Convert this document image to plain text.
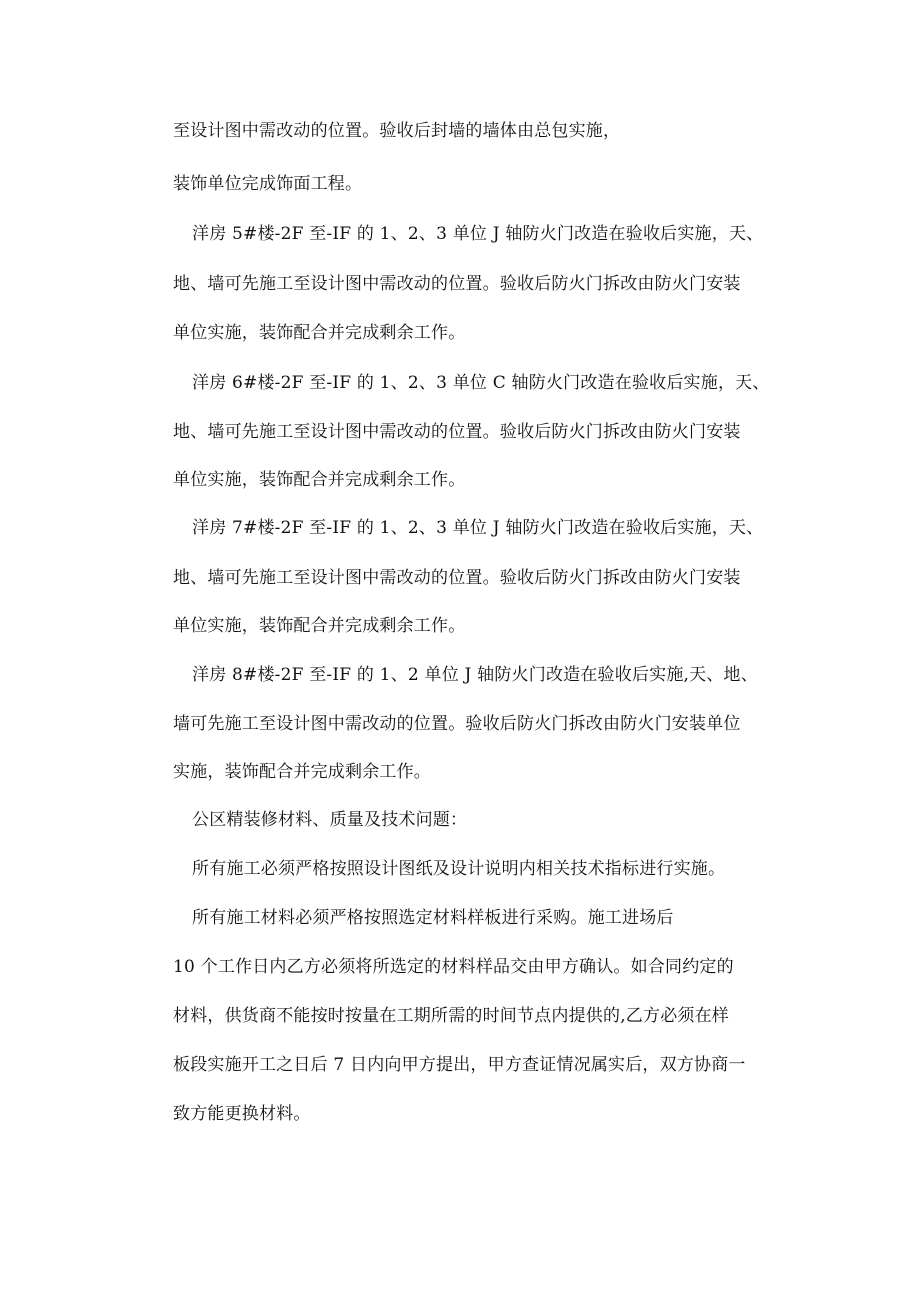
至设计图中需改动的位置。验收后封墙的墙体由总包实施，
装饰单位完成饰面工程。
洋房 5#楼-2F 至-IF 的 1、2、3 单位 J 轴防火门改造在验收后实施，天、
地、墙可先施工至设计图中需改动的位置。验收后防火门拆改由防火门安装
单位实施，装饰配合并完成剩余工作。
洋房 6#楼-2F 至-IF 的 1、2、3 单位 C 轴防火门改造在验收后实施，天、
地、墙可先施工至设计图中需改动的位置。验收后防火门拆改由防火门安装
单位实施，装饰配合并完成剩余工作。
洋房 7#楼-2F 至-IF 的 1、2、3 单位 J 轴防火门改造在验收后实施，天、
地、墙可先施工至设计图中需改动的位置。验收后防火门拆改由防火门安装
单位实施，装饰配合并完成剩余工作。
洋房 8#楼-2F 至-IF 的 1、2 单位 J 轴防火门改造在验收后实施,天、地、
墙可先施工至设计图中需改动的位置。验收后防火门拆改由防火门安装单位
实施，装饰配合并完成剩余工作。
公区精装修材料、质量及技术问题：
所有施工必须严格按照设计图纸及设计说明内相关技术指标进行实施。
所有施工材料必须严格按照选定材料样板进行采购。施工进场后
10 个工作日内乙方必须将所选定的材料样品交由甲方确认。如合同约定的
材料，供货商不能按时按量在工期所需的时间节点内提供的,乙方必须在样
板段实施开工之日后 7 日内向甲方提出，甲方查证情况属实后，双方协商一
致方能更换材料。
